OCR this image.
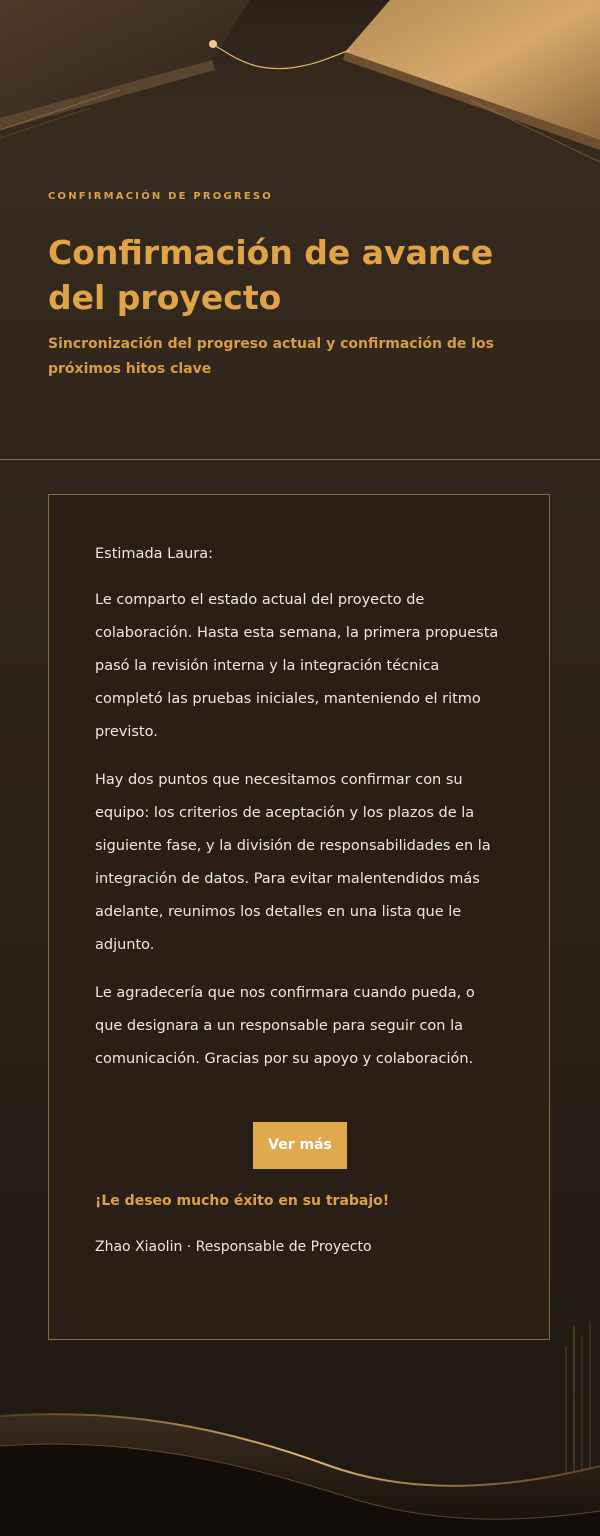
CONFIRMACIÓN DE PROGRESO

Confirmación de avance del proyecto

Sincronización del progreso actual y confirmación de los próximos hitos clave

Estimada Laura:

Le comparto el estado actual del proyecto de colaboración. Hasta esta semana, la primera propuesta pasó la revisión interna y la integración técnica completó las pruebas iniciales, manteniendo el ritmo previsto.

Hay dos puntos que necesitamos confirmar con su equipo: los criterios de aceptación y los plazos de la siguiente fase, y la división de responsabilidades en la integración de datos. Para evitar malentendidos más adelante, reunimos los detalles en una lista que le adjunto.

Le agradecería que nos confirmara cuando pueda, o que designara a un responsable para seguir con la comunicación. Gracias por su apoyo y colaboración.

Ver más

¡Le deseo mucho éxito en su trabajo!

Zhao Xiaolin · Responsable de Proyecto
